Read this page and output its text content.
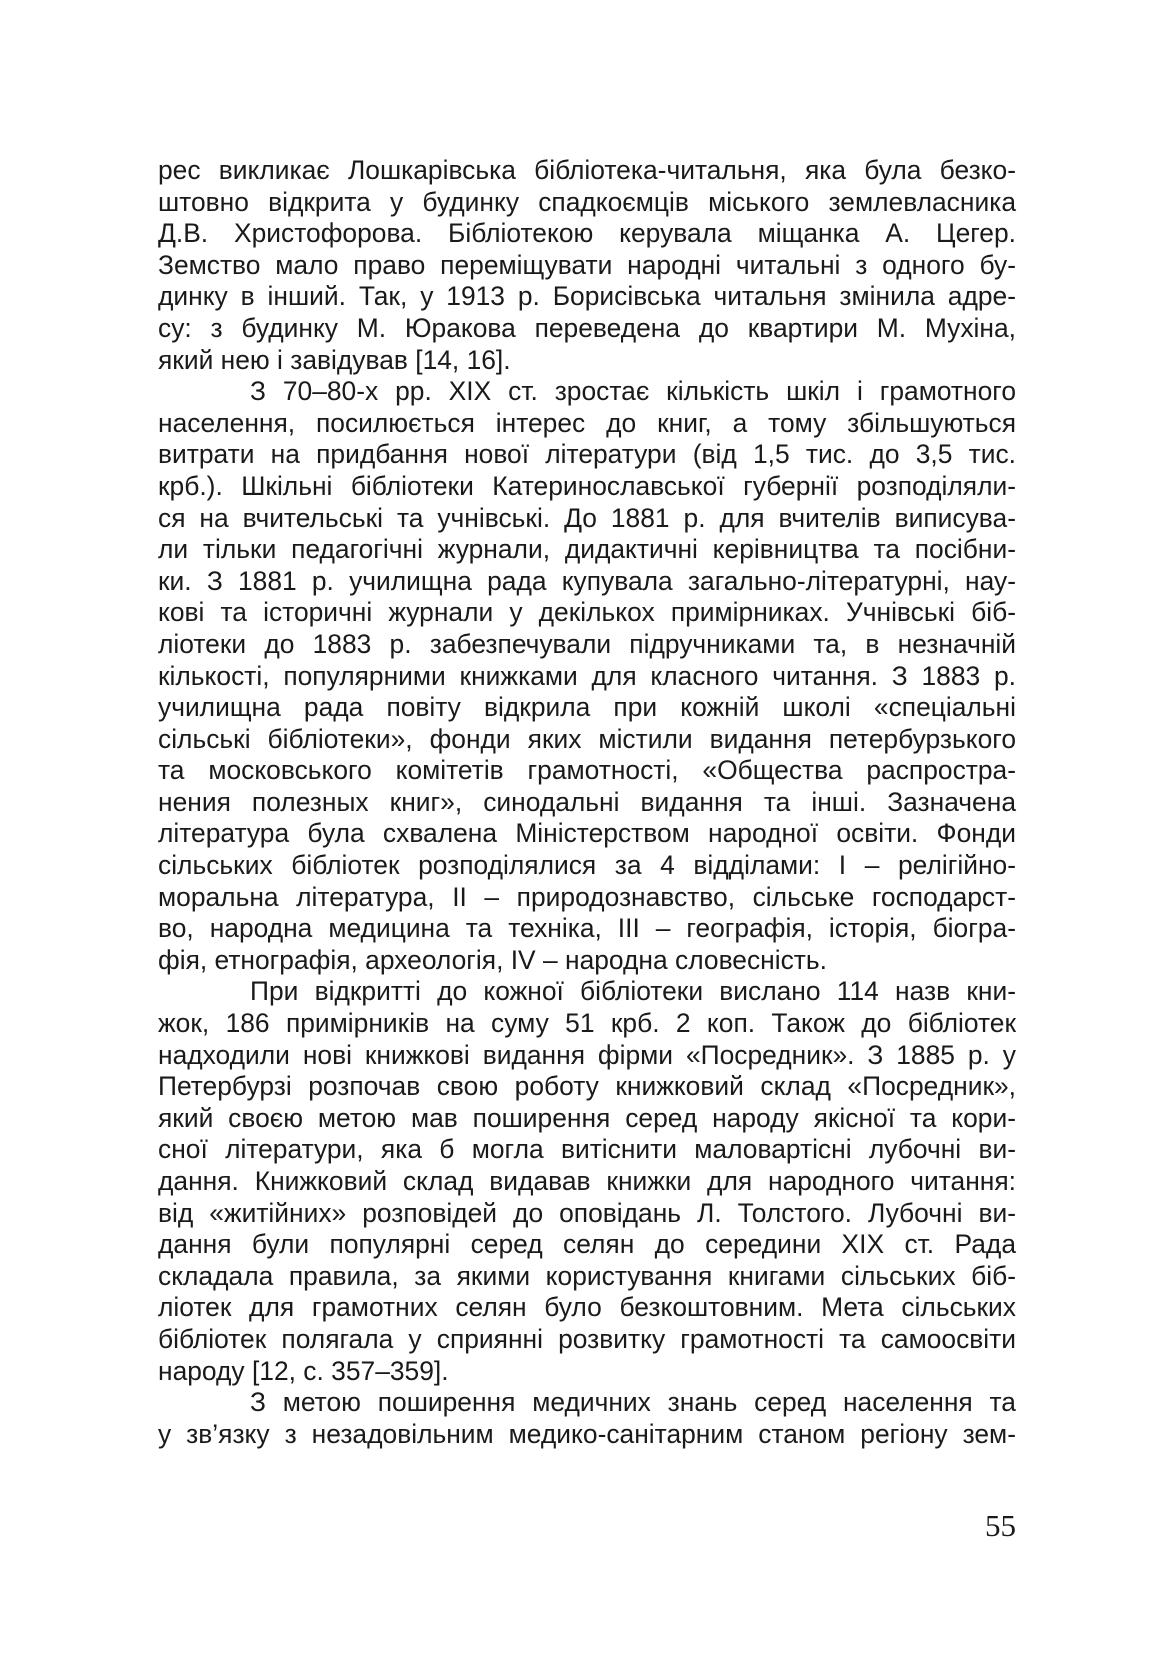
рес викликає Лошкарівська бібліотека-читальня, яка була безко-
штовно відкрита у будинку спадкоємців міського землевласника
Д.В. Христофорова. Бібліотекою керувала міщанка А. Цегер.
Земство мало право переміщувати народні читальні з одного бу-
динку в інший. Так, у 1913 р. Борисівська читальня змінила адре-
су: з будинку М. Юракова переведена до квартири М. Мухіна,
який нею і завідував [14, 16].
З 70–80-х рр. ХІХ ст. зростає кількість шкіл і грамотного
населення, посилюється інтерес до книг, а тому збільшуються
витрати на придбання нової літератури (від 1,5 тис. до 3,5 тис.
крб.). Шкільні бібліотеки Катеринославської губернії розподіляли-
ся на вчительські та учнівські. До 1881 р. для вчителів виписува-
ли тільки педагогічні журнали, дидактичні керівництва та посібни-
ки. З 1881 р. училищна рада купувала загально-літературні, нау-
кові та історичні журнали у декількох примірниках. Учнівські біб-
ліотеки до 1883 р. забезпечували підручниками та, в незначній
кількості, популярними книжками для класного читання. З 1883 р.
училищна рада повіту відкрила при кожній школі «спеціальні
сільські бібліотеки», фонди яких містили видання петербурзького
та московського комітетів грамотності, «Общества распростра-
нения полезных книг», синодальні видання та інші. Зазначена
література була схвалена Міністерством народної освіти. Фонди
сільських бібліотек розподілялися за 4 відділами: І – релігійно-
моральна література, ІІ – природознавство, сільське господарст-
во, народна медицина та техніка, ІІІ – географія, історія, біогра-
фія, етнографія, археологія, ІV – народна словесність.
При відкритті до кожної бібліотеки вислано 114 назв кни-
жок, 186 примірників на суму 51 крб. 2 коп. Також до бібліотек
надходили нові книжкові видання фірми «Посредник». З 1885 р. у
Петербурзі розпочав свою роботу книжковий склад «Посредник»,
який своєю метою мав поширення серед народу якісної та кори-
сної літератури, яка б могла витіснити маловартісні лубочні ви-
дання. Книжковий склад видавав книжки для народного читання:
від «житійних» розповідей до оповідань Л. Толстого. Лубочні ви-
дання були популярні серед селян до середини ХІХ ст. Рада
складала правила, за якими користування книгами сільських біб-
ліотек для грамотних селян було безкоштовним. Мета сільських
бібліотек полягала у сприянні розвитку грамотності та самоосвіти
народу [12, с. 357–359].
З метою поширення медичних знань серед населення та
у зв’язку з незадовільним медико-санітарним станом регіону зем-
55
